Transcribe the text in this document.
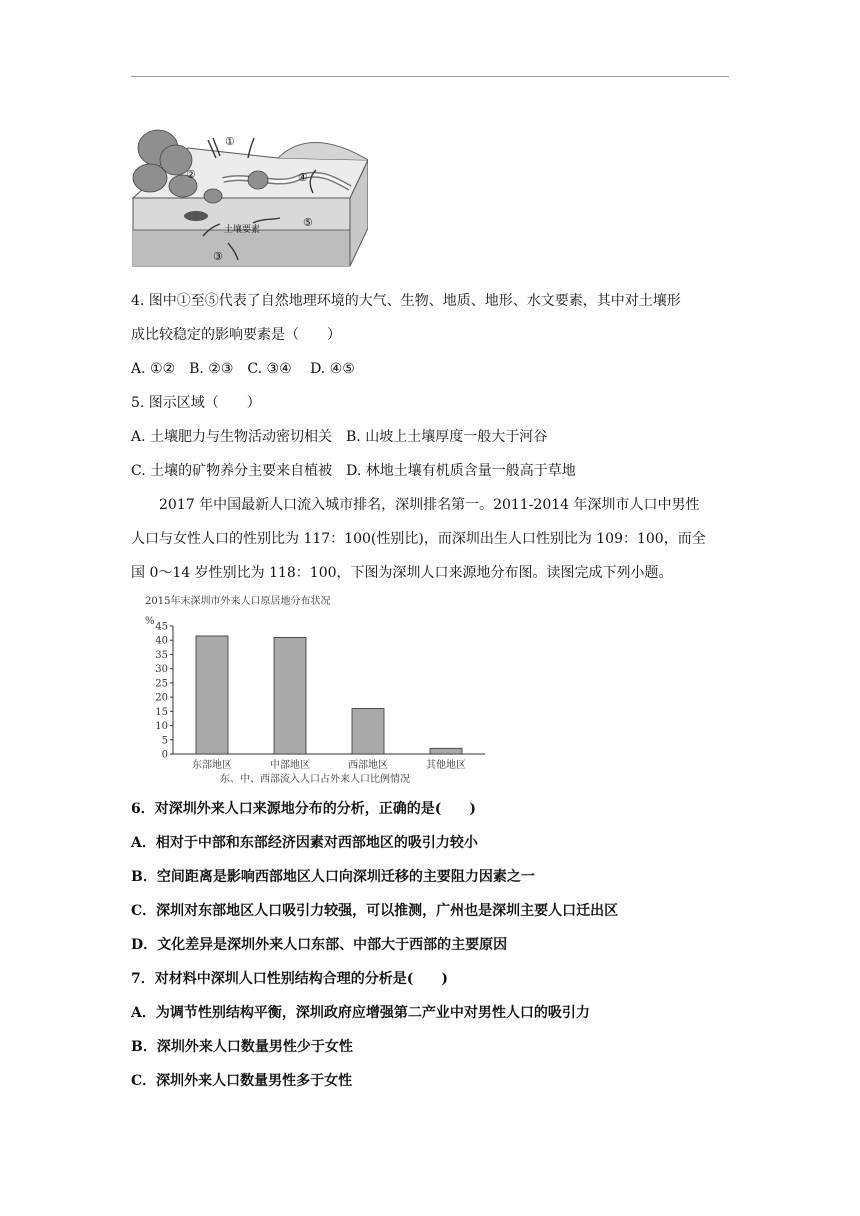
①
②
③
④
⑤
土壤要素
4. 图中①至⑤代表了自然地理环境的大气、生物、地质、地形、水文要素，其中对土壤形
成比较稳定的影响要素是（　　）
A. ①②　B. ②③　C. ③④　 D. ④⑤
5. 图示区域（　　）
A. 土壤肥力与生物活动密切相关　B. 山坡上土壤厚度一般大于河谷
C. 土壤的矿物养分主要来自植被　D. 林地土壤有机质含量一般高于草地
2017 年中国最新人口流入城市排名，深圳排名第一。2011-2014 年深圳市人口中男性
人口与女性人口的性别比为 117：100(性别比)，而深圳出生人口性别比为 109：100，而全
国 0～14 岁性别比为 118：100，下图为深圳人口来源地分布图。读图完成下列小题。
2015年末深圳市外来人口原居地分布状况
%
东部地区	中部地区	西部地区	其他地区
0
5
10
15
20
25
30
35
40
45
东、中、西部流入人口占外来人口比例情况
6．对深圳外来人口来源地分布的分析，正确的是(　　)
A．相对于中部和东部经济因素对西部地区的吸引力较小
B．空间距离是影响西部地区人口向深圳迁移的主要阻力因素之一
C．深圳对东部地区人口吸引力较强，可以推测，广州也是深圳主要人口迁出区
D．文化差异是深圳外来人口东部、中部大于西部的主要原因
7．对材料中深圳人口性别结构合理的分析是(　　)
A．为调节性别结构平衡，深圳政府应增强第二产业中对男性人口的吸引力
B．深圳外来人口数量男性少于女性
C．深圳外来人口数量男性多于女性
